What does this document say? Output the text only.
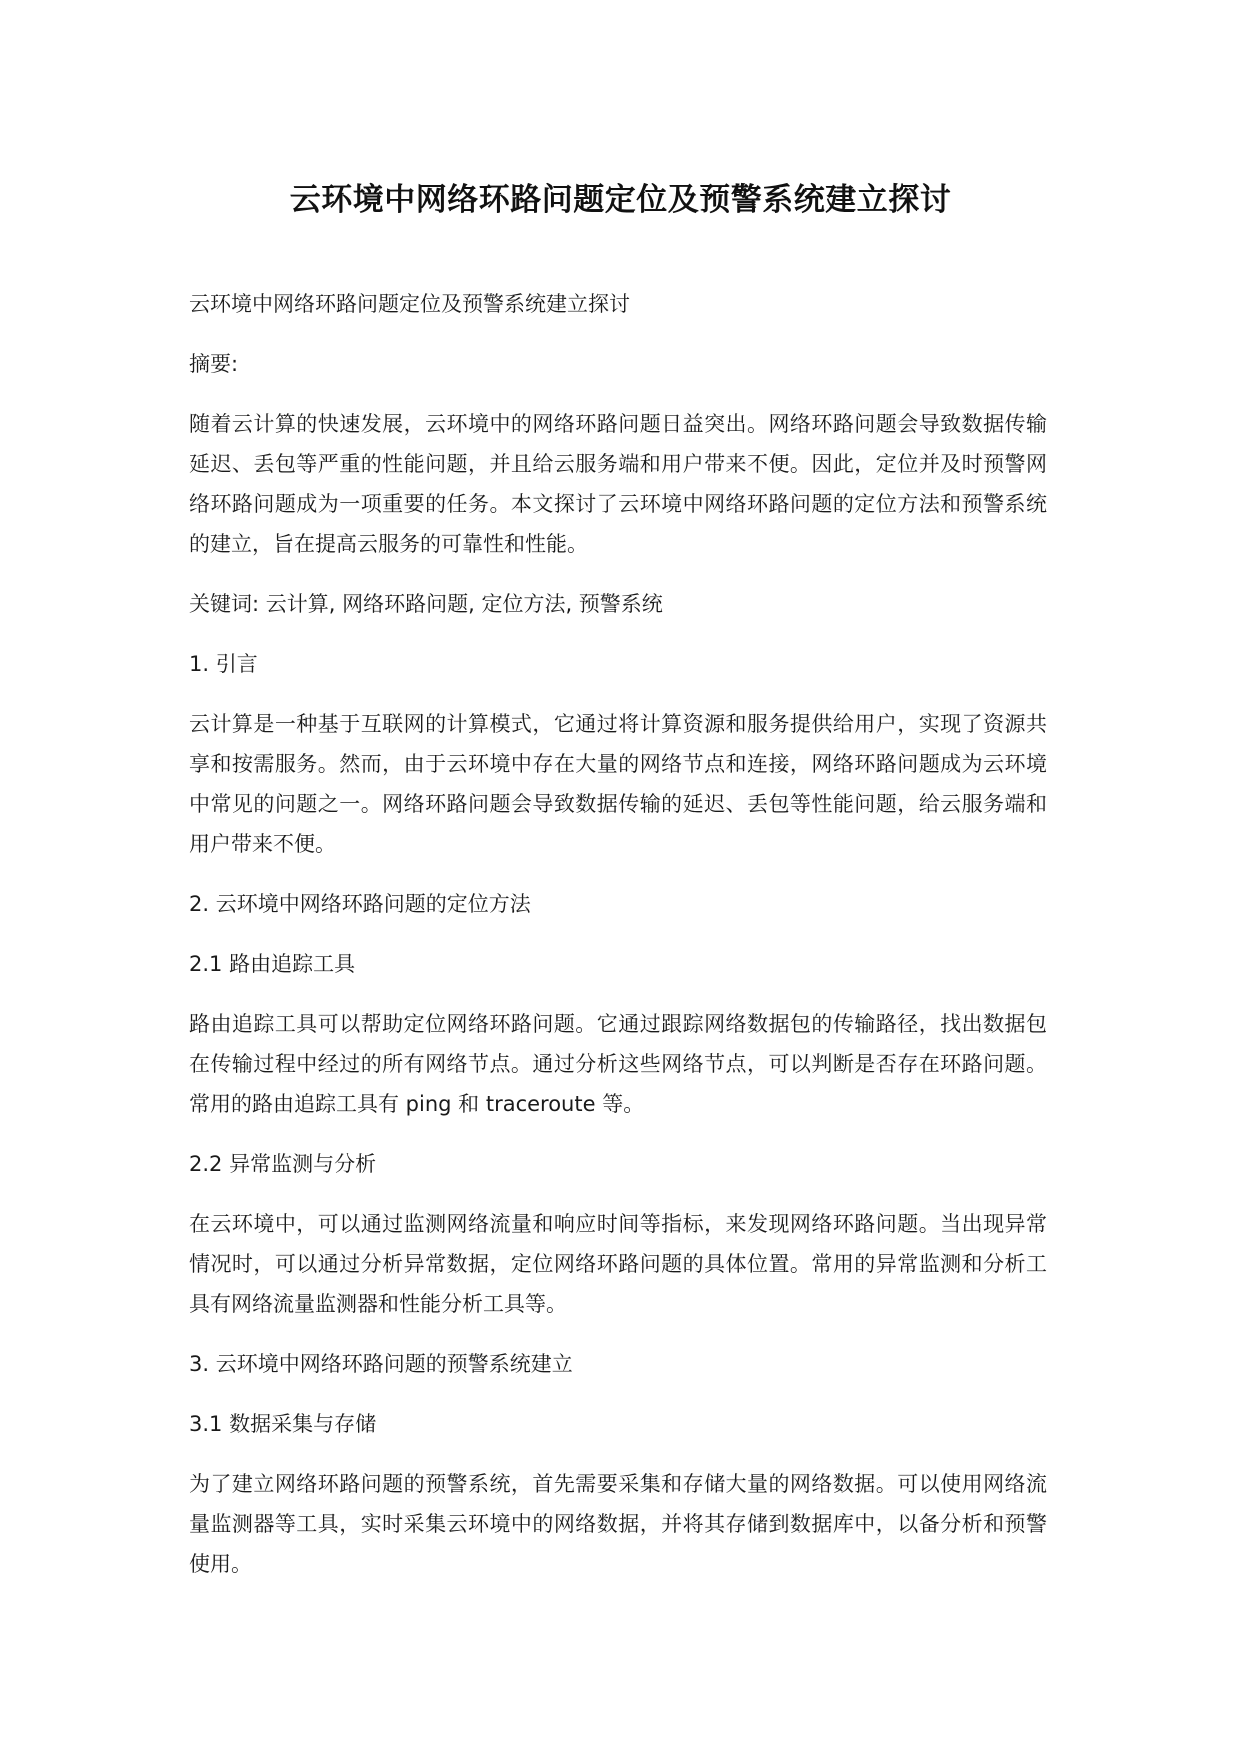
云环境中网络环路问题定位及预警系统建立探讨

云环境中网络环路问题定位及预警系统建立探讨

摘要:

随着云计算的快速发展，云环境中的网络环路问题日益突出。网络环路问题会导致数据传输延迟、丢包等严重的性能问题，并且给云服务端和用户带来不便。因此，定位并及时预警网络环路问题成为一项重要的任务。本文探讨了云环境中网络环路问题的定位方法和预警系统的建立，旨在提高云服务的可靠性和性能。

关键词: 云计算, 网络环路问题, 定位方法, 预警系统

1. 引言

云计算是一种基于互联网的计算模式，它通过将计算资源和服务提供给用户，实现了资源共享和按需服务。然而，由于云环境中存在大量的网络节点和连接，网络环路问题成为云环境中常见的问题之一。网络环路问题会导致数据传输的延迟、丢包等性能问题，给云服务端和用户带来不便。

2. 云环境中网络环路问题的定位方法

2.1 路由追踪工具

路由追踪工具可以帮助定位网络环路问题。它通过跟踪网络数据包的传输路径，找出数据包在传输过程中经过的所有网络节点。通过分析这些网络节点，可以判断是否存在环路问题。常用的路由追踪工具有 ping 和 traceroute 等。

2.2 异常监测与分析

在云环境中，可以通过监测网络流量和响应时间等指标，来发现网络环路问题。当出现异常情况时，可以通过分析异常数据，定位网络环路问题的具体位置。常用的异常监测和分析工具有网络流量监测器和性能分析工具等。

3. 云环境中网络环路问题的预警系统建立

3.1 数据采集与存储

为了建立网络环路问题的预警系统，首先需要采集和存储大量的网络数据。可以使用网络流量监测器等工具，实时采集云环境中的网络数据，并将其存储到数据库中，以备分析和预警使用。
